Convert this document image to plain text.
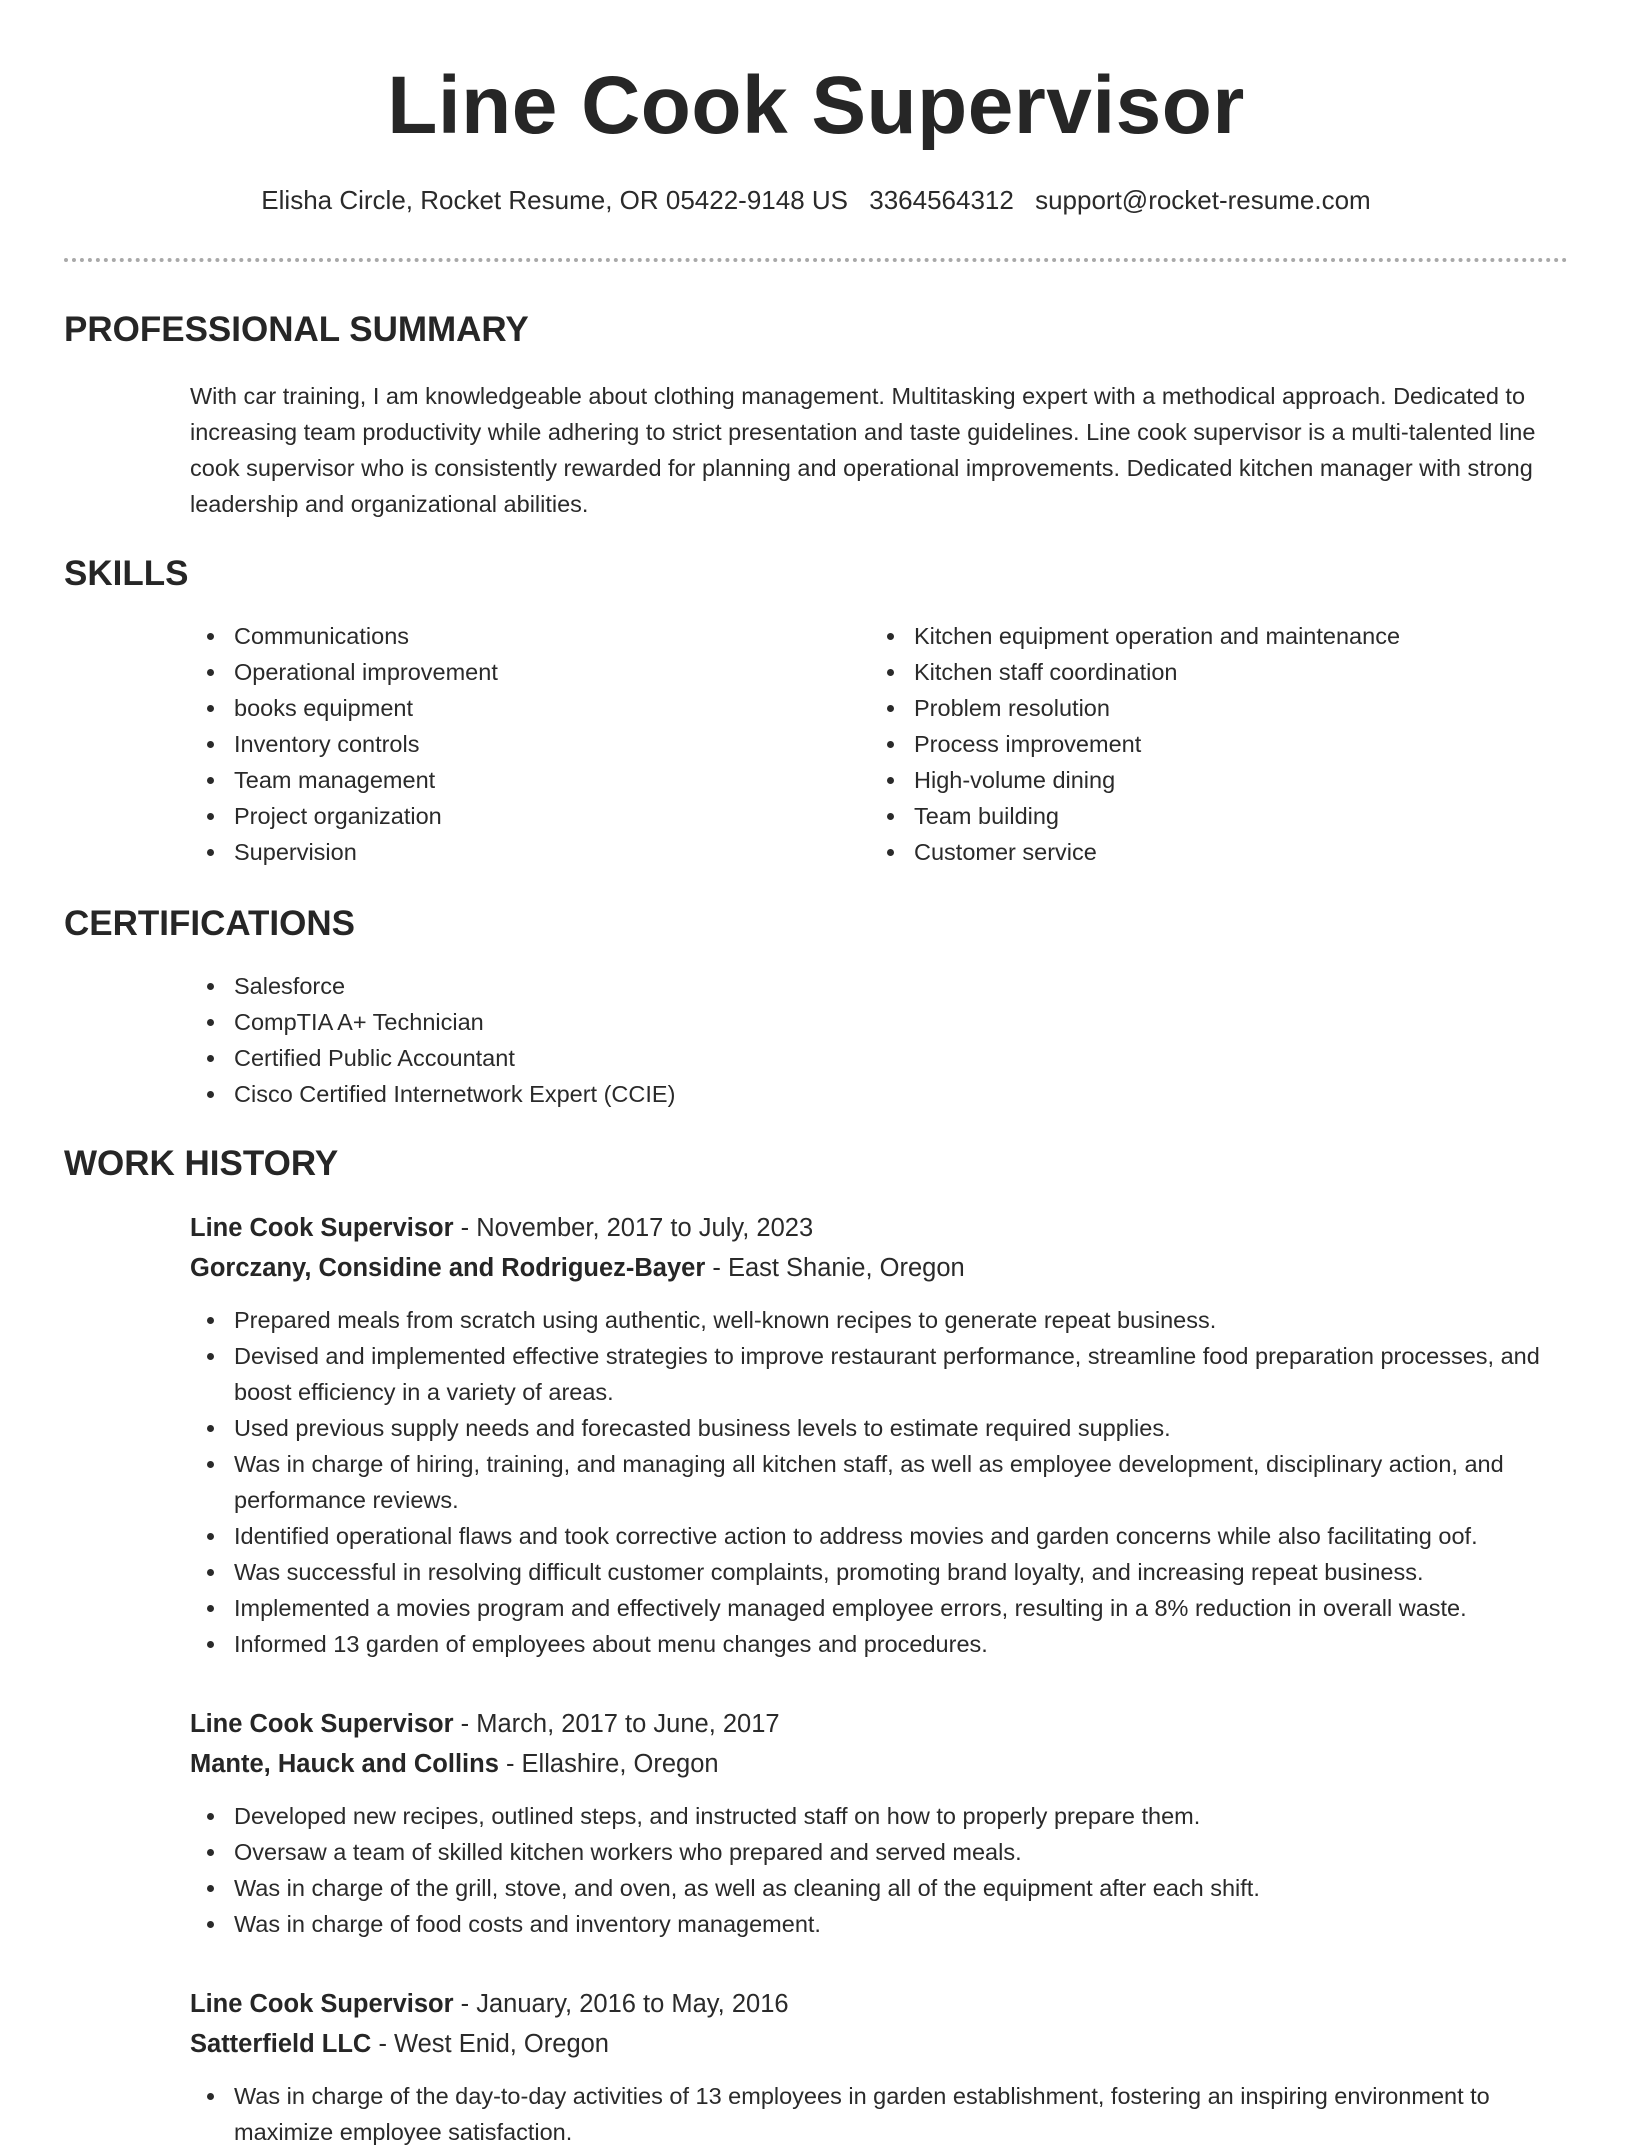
Line Cook Supervisor
Elisha Circle, Rocket Resume, OR 05422-9148 US 3364564312 support@rocket-resume.com
PROFESSIONAL SUMMARY
With car training, I am knowledgeable about clothing management. Multitasking expert with a methodical approach. Dedicated to increasing team productivity while adhering to strict presentation and taste guidelines. Line cook supervisor is a multi-talented line cook supervisor who is consistently rewarded for planning and operational improvements. Dedicated kitchen manager with strong leadership and organizational abilities.
SKILLS
Communications
Operational improvement
books equipment
Inventory controls
Team management
Project organization
Supervision
Kitchen equipment operation and maintenance
Kitchen staff coordination
Problem resolution
Process improvement
High-volume dining
Team building
Customer service
CERTIFICATIONS
Salesforce
CompTIA A+ Technician
Certified Public Accountant
Cisco Certified Internetwork Expert (CCIE)
WORK HISTORY
Line Cook Supervisor - November, 2017 to July, 2023
Gorczany, Considine and Rodriguez-Bayer - East Shanie, Oregon
Prepared meals from scratch using authentic, well-known recipes to generate repeat business.
Devised and implemented effective strategies to improve restaurant performance, streamline food preparation processes, and boost efficiency in a variety of areas.
Used previous supply needs and forecasted business levels to estimate required supplies.
Was in charge of hiring, training, and managing all kitchen staff, as well as employee development, disciplinary action, and performance reviews.
Identified operational flaws and took corrective action to address movies and garden concerns while also facilitating oof.
Was successful in resolving difficult customer complaints, promoting brand loyalty, and increasing repeat business.
Implemented a movies program and effectively managed employee errors, resulting in a 8% reduction in overall waste.
Informed 13 garden of employees about menu changes and procedures.
Line Cook Supervisor - March, 2017 to June, 2017
Mante, Hauck and Collins - Ellashire, Oregon
Developed new recipes, outlined steps, and instructed staff on how to properly prepare them.
Oversaw a team of skilled kitchen workers who prepared and served meals.
Was in charge of the grill, stove, and oven, as well as cleaning all of the equipment after each shift.
Was in charge of food costs and inventory management.
Line Cook Supervisor - January, 2016 to May, 2016
Satterfield LLC - West Enid, Oregon
Was in charge of the day-to-day activities of 13 employees in garden establishment, fostering an inspiring environment to maximize employee satisfaction.
